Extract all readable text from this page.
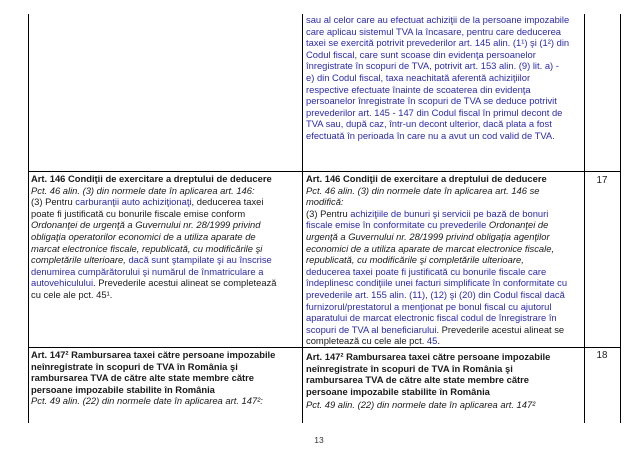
sau al celor care au efectuat achiziţii de la persoane impozabile

care aplicau sistemul TVA la încasare, pentru care deducerea

taxei se exercită potrivit prevederilor art. 145 alin. (1¹) şi (1²) din

Codul fiscal, care sunt scoase din evidenţa persoanelor

înregistrate în scopuri de TVA, potrivit art. 153 alin. (9) lit. a) -

e) din Codul fiscal, taxa neachitată aferentă achiziţiilor

respective efectuate înainte de scoaterea din evidenţa

persoanelor înregistrate în scopuri de TVA se deduce potrivit

prevederilor art. 145 - 147 din Codul fiscal în primul decont de

TVA sau, după caz, într-un decont ulterior, dacă plata a fost

efectuată în perioada în care nu a avut un cod valid de TVA.

Art. 146 Condiţii de exercitare a dreptului de deducere

Pct. 46 alin. (3) din normele date în aplicarea art. 146:

(3) Pentru carburanţii auto achiziţionaţi, deducerea taxei

poate fi justificată cu bonurile fiscale emise conform

Ordonanţei de urgenţă a Guvernului nr. 28/1999 privind

obligaţia operatorilor economici de a utiliza aparate de

marcat electronice fiscale, republicată, cu modificările şi

completările ulterioare, dacă sunt ştampilate şi au înscrise

denumirea cumpărătorului şi numărul de înmatriculare a

autovehiculului. Prevederile acestui alineat se completează

cu cele ale pct. 45¹.

Art. 146 Condiţii de exercitare a dreptului de deducere

Pct. 46 alin. (3) din normele date în aplicarea art. 146 se

modifică:

(3) Pentru achiziţiile de bunuri şi servicii pe bază de bonuri

fiscale emise în conformitate cu prevederile Ordonanţei de

urgenţă a Guvernului nr. 28/1999 privind obligaţia agenţilor

economici de a utiliza aparate de marcat electronice fiscale,

republicată, cu modificările şi completările ulterioare,

deducerea taxei poate fi justificată cu bonurile fiscale care

îndeplinesc condiţiile unei facturi simplificate în conformitate cu

prevederile art. 155 alin. (11), (12) şi (20) din Codul fiscal dacă

furnizorul/prestatorul a menţionat pe bonul fiscal cu ajutorul

aparatului de marcat electronic fiscal codul de înregistrare în

scopuri de TVA al beneficiarului. Prevederile acestui alineat se

completează cu cele ale pct. 45.

17

Art. 147² Rambursarea taxei către persoane impozabile

neînregistrate în scopuri de TVA în România şi

rambursarea TVA de către alte state membre către

persoane impozabile stabilite în România

Pct. 49 alin. (22) din normele date în aplicarea art. 147²:

Art. 147² Rambursarea taxei către persoane impozabile

neînregistrate în scopuri de TVA în România şi

rambursarea TVA de către alte state membre către

persoane impozabile stabilite în România

Pct. 49 alin. (22) din normele date în aplicarea art. 147²

18
13
